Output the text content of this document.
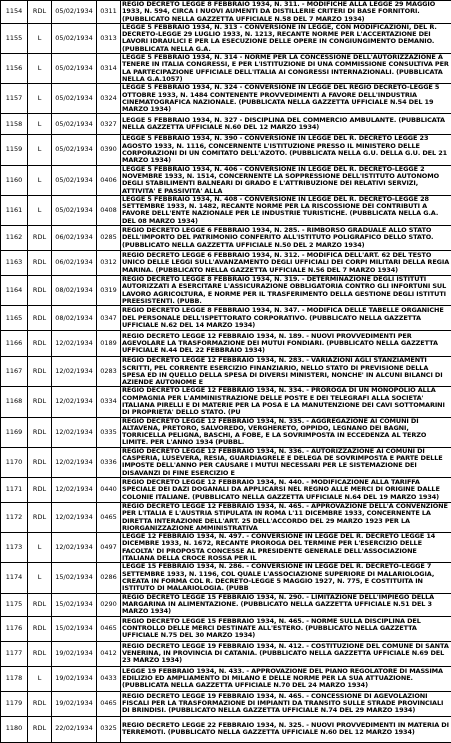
1154	RDL	05/02/1934	0311	REGIO DECRETO LEGGE 8 FEBBRAIO 1934, N. 311. - MODIFICHE ALLA LEGGE 29 MAGGIO 1933, N. 594, CIRCA I NUOVI AUMENTI DA DISTILLERIE CRITERI DI BASE FORNITORI. (PUBBLICATO NELLA GAZZETTA UFFICIALE N.58 DEL 7 MARZO 1934)
1155	L	05/02/1934	0313	LEGGE 5 FEBBRAIO 1934, N. 313 - CONVERSIONE IN LEGGE, CON MODIFICAZIONI, DEL R. DECRETO-LEGGE 29 LUGLIO 1933, N. 1213, RECANTE NORME PER L'ACCERTAZIONE DEI LAVORI IDRAULICI E PER LA ESECUZIONE DELLE OPERE IN CONGIUNGIMENTO DEMANIO. (PUBBLICATA NELLA G.A.
1156	L	05/02/1934	0314	LEGGE 5 FEBBRAIO 1934, N. 314 - NORME PER LA CONCESSIONE DELL'AUTORIZZAZIONE A TENERE IN ITALIA CONGRESSI, E PER L'ISTITUZIONE DI UNA COMMISSIONE CONSULTIVA PER LA PARTECIPAZIONE UFFICIALE DELL'ITALIA AI CONGRESSI INTERNAZIONALI. (PUBBLICATA NELLA G.A.1057)
1157	L	05/02/1934	0324	LEGGE 5 FEBBRAIO 1934, N. 324 - CONVERSIONE IN LEGGE DEL REGIO DECRETO-LEGGE 5 OTTOBRE 1933, N. 1484 CONTENENTE PROVVEDIMENTI A FAVORE DELL'INDUSTRIA CINEMATOGRAFICA NAZIONALE. (PUBBLICATA NELLA GAZZETTA UFFICIALE N.54 DEL 19 MARZO 1934)
1158	L	05/02/1934	0327	LEGGE 5 FEBBRAIO 1934, N. 327 - DISCIPLINA DEL COMMERCIO AMBULANTE. (PUBBLICATA NELLA GAZZETTA UFFICIALE N.60 DEL 12 MARZO 1934)
1159	L	05/02/1934	0390	LEGGE 5 FEBBRAIO 1934, N. 390 - CONVERSIONE IN LEGGE DEL R. DECRETO LEGGE 23 AGOSTO 1933, N. 1116, CONCERNENTE L'ISTITUZIONE PRESSO IL MINISTERO DELLE CORPORAZIONI DI UN COMITATO DELL'AZOTO. (PUBBLICATA NELLA G.U. DELLA G.U. DEL 21 MARZO 1934)
1160	L	05/02/1934	0406	LEGGE 5 FEBBRAIO 1934, N. 406 - CONVERSIONE IN LEGGE DEL R. DECRETO-LEGGE 2 NOVEMBRE 1933, N. 1514, CONCERNENTE LA SOPPRESSIONE DELL'ISTITUTO AUTONOMO DEGLI STABILIMENTI BALNEARI DI GRADO E L'ATTRIBUZIONE DEI RELATIVI SERVIZI, ATTIVITA' E PASSIVITA' ALLA
1161	L	05/02/1934	0408	LEGGE 5 FEBBRAIO 1934, N. 408 - CONVERSIONE IN LEGGE DEL R. DECRETO-LEGGE 28 SETTEMBRE 1933, N. 1482, RECANTE NORME PER LA RISCOSSIONE DEI CONTRIBUTI A FAVORE DELL'ENTE NAZIONALE PER LE INDUSTRIE TURISTICHE. (PUBBLICATA NELLA G.A. DEL 08 MARZO 1934)
1162	RDL	06/02/1934	0285	REGIO DECRETO LEGGE 6 FEBBRAIO 1934, N. 285. - RIMBORSO GRADUALE ALLO STATO DELL'IMPORTO DEL PATRIMONIO CONFERITO ALL'ISTITUTO POLIGRAFICO DELLO STATO. (PUBBLICATO NELLA GAZZETTA UFFICIALE N.50 DEL 2 MARZO 1934)
1163	RDL	06/02/1934	0312	REGIO DECRETO LEGGE 6 FEBBRAIO 1934, N. 312. - MODIFICA DELL'ART. 62 DEL TESTO UNICO DELLE LEGGI SULL'AVANZAMENTO DEGLI UFFICIALI DEI CORPI MILITARI DELLA REGIA MARINA. (PUBBLICATO NELLA GAZZETTA UFFICIALE N.56 DEL 7 MARZO 1934)
1164	RDL	08/02/1934	0319	REGIO DECRETO LEGGE 8 FEBBRAIO 1934, N. 319. - DETERMINAZIONE DEGLI ISTITUTI AUTORIZZATI A ESERCITARE L'ASSICURAZIONE OBBLIGATORIA CONTRO GLI INFORTUNI SUL LAVORO AGRICOLTURA, E NORME PER IL TRASFERIMENTO DELLA GESTIONE DEGLI ISTITUTI PREESISTENTI. (PUBB.
1165	RDL	08/02/1934	0347	REGIO DECRETO LEGGE 8 FEBBRAIO 1934, N. 347. - MODIFICA DELLE TABELLE ORGANICHE DEL PERSONALE DELL'ISPETTORATO CORPORATIVO. (PUBBLICATO NELLA GAZZETTA UFFICIALE N.62 DEL 14 MARZO 1934)
1166	RDL	12/02/1934	0189	REGIO DECRETO LEGGE 12 FEBBRAIO 1934, N. 189. - NUOVI PROVVEDIMENTI PER AGEVOLARE LA TRASFORMAZIONE DEI MUTUI FONDIARI. (PUBBLICATO NELLA GAZZETTA UFFICIALE N.44 DEL 22 FEBBRAIO 1934)
1167	RDL	12/02/1934	0283	REGIO DECRETO LEGGE 12 FEBBRAIO 1934, N. 283. - VARIAZIONI AGLI STANZIAMENTI SCRITTI, PEL CORRENTE ESERCIZIO FINANZIARIO, NELLO STATO DI PREVISIONE DELLA SPESA ED IN QUELLO DELLA SPESA DI DIVERSI MINISTERI, NONCHE' IN ALCUNI BILANCI DI AZIENDE AUTONOME E
1168	RDL	12/02/1934	0334	REGIO DECRETO LEGGE 12 FEBBRAIO 1934, N. 334. - PROROGA DI UN MONOPOLIO ALLA COMPAGNIA PER L'AMMINISTRAZIONE DELLE POSTE E DEI TELEGRAFI ALLA SOCIETA' ITALIANA PIRELLI E DI MATERIE PER LA POSA E LA MANUTENZIONE DEI CAVI SOTTOMARINI DI PROPRIETA' DELLO STATO. (PU
1169	RDL	12/02/1934	0335	REGIO DECRETO LEGGE 12 FEBBRAIO 1934, N. 335. - AGGREGAZIONE AI COMUNI DI ALTAVENA, PRETORO, SALVOREDO, VERGHERETO, OPPIDO, LEGNANO DEI BAGNI, TORRICELLA PELIGNA, BASCHI, A FOBE, E LA SOVRIMPOSTA IN ECCEDENZA AL TERZO LIMITE. PER L'ANNO 1934 (PUBBL.
1170	RDL	12/02/1934	0336	REGIO DECRETO LEGGE 12 FEBBRAIO 1934, N. 336. - AUTORIZZAZIONE AI COMUNI DI CASPERIA, LUSEVERA, RESIA, GUARDIAGRELE E DELEGA DE SOVRIMPOSTA E PARTE DELLE IMPOSTE DELL'ANNO PER CAUSARE I MUTUI NECESSARI PER LE SISTEMAZIONE DEI DISAVANZI DI FINE ESERCIZIO E
1171	RDL	12/02/1934	0440	REGIO DECRETO LEGGE 12 FEBBRAIO 1934, N. 440. - MODIFICAZIONE ALLA TARIFFA SPECIALE DEI DAZI DOGANALI DA APPLICARSI NEL REGNO ALLE MERCI DI ORIGINE DALLE COLONIE ITALIANE. (PUBBLICATO NELLA GAZZETTA UFFICIALE N.64 DEL 19 MARZO 1934)
1172	RDL	12/02/1934	0465	REGIO DECRETO LEGGE 12 FEBBRAIO 1934, N. 465. - APPROVAZIONE DELL'A CONVENZIONE PER L'ITALIA E L'AUSTRIA STIPULATA IN ROMA L'11 DICEMBRE 1933, CONCERNENTE LA DIRETTA INTERAZIONE DELL'ART. 25 DELL'ACCORDO DEL 29 MARZO 1923 PER LA RIORGANIZZAZIONE AMMINISTRATIVA
1173	L	12/02/1934	0497	LEGGE 12 FEBBRAIO 1934, N. 497. - CONVERSIONE IN LEGGE DEL R. DECRETO LEGGE 14 DICEMBRE 1933, N. 1672, RECANTE PROROGA DEL TERMINE PER L'ESERCIZIO DELLE FACOLTA' DI PROPOSTA CONCESSE AL PRESIDENTE GENERALE DELL'ASSOCIAZIONE ITALIANA DELLA CROCE ROSSA PER IL
1174	L	15/02/1934	0286	LEGGE 15 FEBBRAIO 1934, N. 286. - CONVERSIONE IN LEGGE DEL R. DECRETO-LEGGE 7 SETTEMBRE 1933, N. 1196, COL QUALE L'ASSOCIAZIONE SUPERIORE DI MALARIOLOGIA, CREATA IN FORMA COL R. DECRETO-LEGGE 5 MAGGIO 1927, N. 775, E COSTITUITA IN ISTITUTO DI MALARIOLOGIA. (PUBB
1175	RDL	15/02/1934	0290	REGIO DECRETO LEGGE 15 FEBBRAIO 1934, N. 290. - LIMITAZIONE DELL'IMPIEGO DELLA MARGARINA IN ALIMENTAZIONE. (PUBBLICATO NELLA GAZZETTA UFFICIALE N.51 DEL 3 MARZO 1934)
1176	RDL	15/02/1934	0465	REGIO DECRETO LEGGE 15 FEBBRAIO 1934, N. 465. - NORME SULLA DISCIPLINA DEL CONTROLLO DELLE MERCI DESTINATE ALL'ESTERO. (PUBBLICATO NELLA GAZZETTA UFFICIALE N.75 DEL 30 MARZO 1934)
1177	RDL	19/02/1934	0412	REGIO DECRETO LEGGE 19 FEBBRAIO 1934, N. 412. - COSTITUZIONE DEL COMUNE DI SANTA VENERINA, IN PROVINCIA DI CATANIA. (PUBBLICATO NELLA GAZZETTA UFFICIALE N.69 DEL 23 MARZO 1934)
1178	L	19/02/1934	0433	LEGGE 19 FEBBRAIO 1934, N. 433. - APPROVAZIONE DEL PIANO REGOLATORE DI MASSIMA EDILIZIO ED AMPLIAMENTO DI MILANO E DELLE NORME PER LA SUA ATTUAZIONE. (PUBBLICATA NELLA GAZZETTA UFFICIALE N.70 DEL 24 MARZO 1934)
1179	RDL	19/02/1934	0465	REGIO DECRETO LEGGE 19 FEBBRAIO 1934, N. 465. - CONCESSIONE DI AGEVOLAZIONI FISCALI PER LA TRASFORMAZIONE DI IMPIANTI DA TRANSITO SULLE STRADE PROVINCIALI DI BRINDISI. (PUBBLICATO NELLA GAZZETTA UFFICIALE N.74 DEL 29 MARZO 1934)
1180	RDL	22/02/1934	0325	REGIO DECRETO LEGGE 22 FEBBRAIO 1934, N. 325. - NUOVI PROVVEDIMENTI IN MATERIA DI TERREMOTI. (PUBBLICATO NELLA GAZZETTA UFFICIALE N.60 DEL 12 MARZO 1934)
